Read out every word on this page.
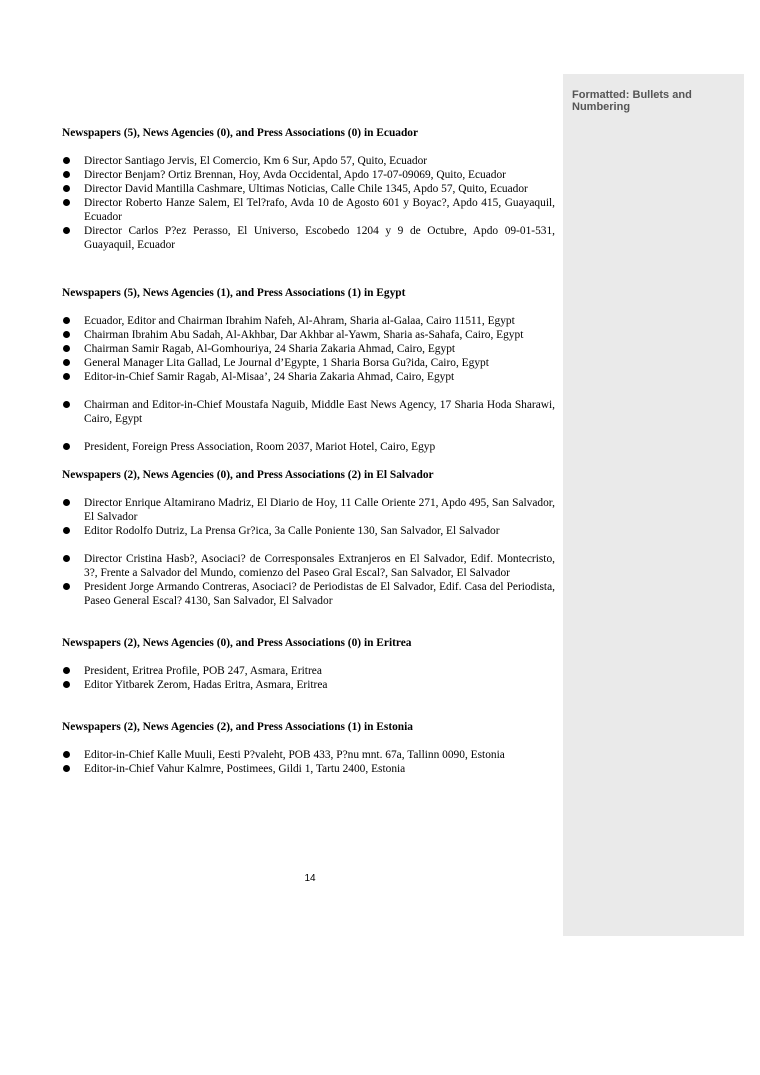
Formatted: Bullets and Numbering
Newspapers (5), News Agencies (0), and Press Associations (0) in Ecuador
Director Santiago Jervis, El Comercio, Km 6 Sur, Apdo 57, Quito, Ecuador
Director Benjam? Ortiz Brennan, Hoy, Avda Occidental, Apdo 17-07-09069, Quito, Ecuador
Director David Mantilla Cashmare, Ultimas Noticias, Calle Chile 1345, Apdo 57, Quito, Ecuador
Director Roberto Hanze Salem, El Tel?rafo, Avda 10 de Agosto 601 y Boyac?, Apdo 415, Guayaquil, Ecuador
Director Carlos P?ez Perasso, El Universo, Escobedo 1204 y 9 de Octubre, Apdo 09-01-531, Guayaquil, Ecuador
Newspapers (5), News Agencies (1), and Press Associations (1) in Egypt
Ecuador, Editor and Chairman Ibrahim Nafeh, Al-Ahram, Sharia al-Galaa, Cairo 11511, Egypt
Chairman Ibrahim Abu Sadah, Al-Akhbar, Dar Akhbar al-Yawm, Sharia as-Sahafa, Cairo, Egypt
Chairman Samir Ragab, Al-Gomhouriya, 24 Sharia Zakaria Ahmad, Cairo, Egypt
General Manager Lita Gallad, Le Journal d’Egypte, 1 Sharia Borsa Gu?ida, Cairo, Egypt
Editor-in-Chief Samir Ragab, Al-Misaa’, 24 Sharia Zakaria Ahmad, Cairo, Egypt
Chairman and Editor-in-Chief Moustafa Naguib, Middle East News Agency, 17 Sharia Hoda Sharawi, Cairo, Egypt
President, Foreign Press Association, Room 2037, Mariot Hotel, Cairo, Egyp
Newspapers (2), News Agencies (0), and Press Associations (2) in El Salvador
Director Enrique Altamirano Madriz, El Diario de Hoy, 11 Calle Oriente 271, Apdo 495, San Salvador, El Salvador
Editor Rodolfo Dutriz, La Prensa Gr?ica, 3a Calle Poniente 130, San Salvador, El Salvador
Director Cristina Hasb?, Asociaci? de Corresponsales Extranjeros en El Salvador, Edif. Montecristo, 3?, Frente a Salvador del Mundo, comienzo del Paseo Gral Escal?, San Salvador, El Salvador
President Jorge Armando Contreras, Asociaci? de Periodistas de El Salvador, Edif. Casa del Periodista, Paseo General Escal? 4130, San Salvador, El Salvador
Newspapers (2), News Agencies (0), and Press Associations (0) in Eritrea
President, Eritrea Profile, POB 247, Asmara, Eritrea
Editor Yitbarek Zerom, Hadas Eritra, Asmara, Eritrea
Newspapers (2), News Agencies (2), and Press Associations (1) in Estonia
Editor-in-Chief Kalle Muuli, Eesti P?valeht, POB 433, P?nu mnt. 67a, Tallinn 0090, Estonia
Editor-in-Chief Vahur Kalmre, Postimees, Gildi 1, Tartu 2400, Estonia
14
